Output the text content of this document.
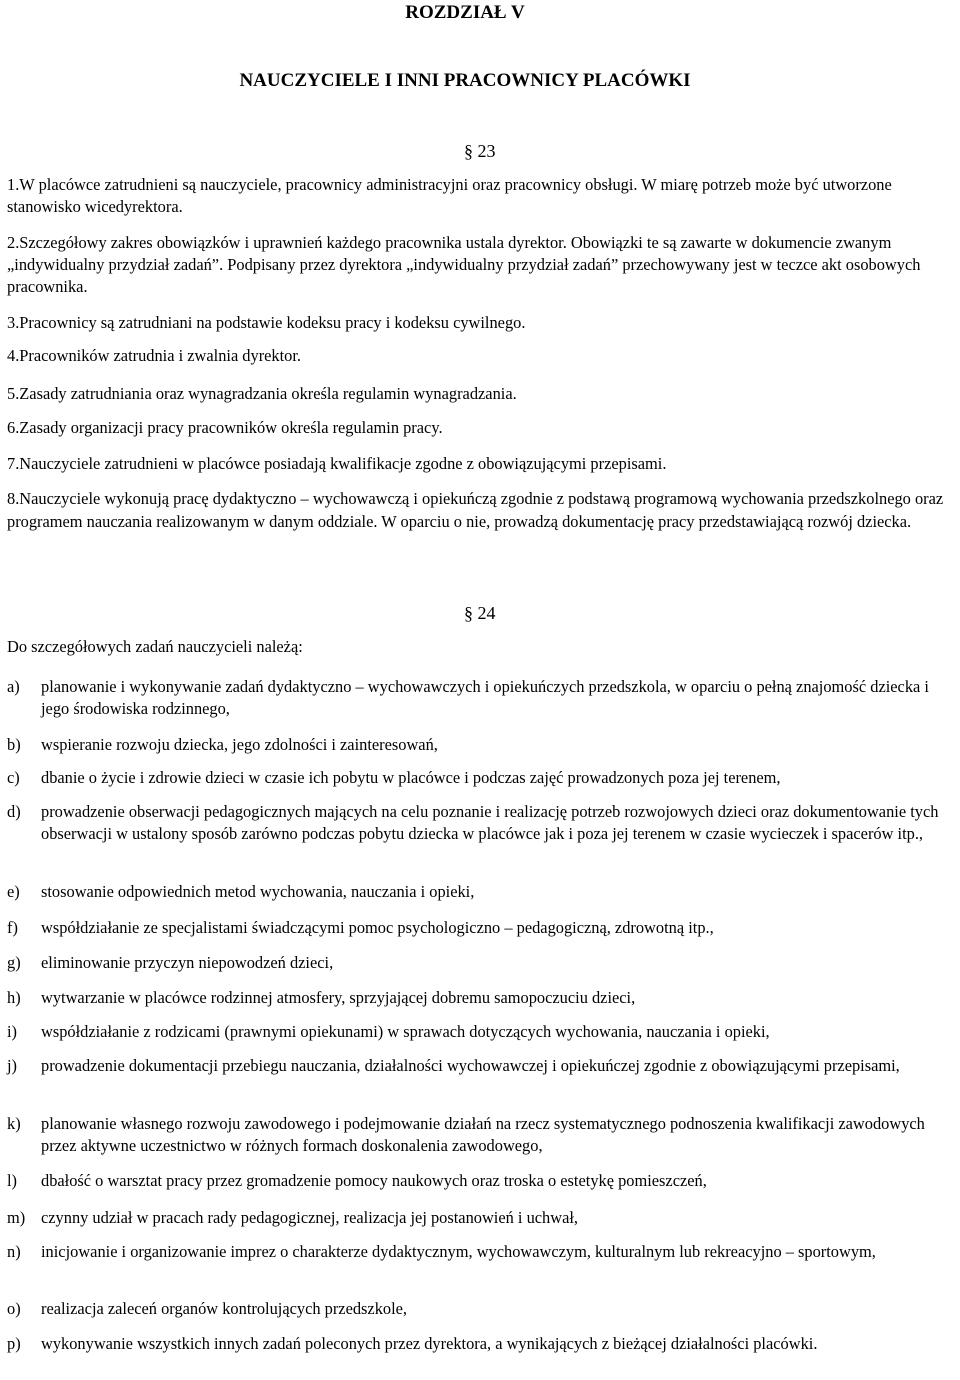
ROZDZIAŁ V
NAUCZYCIELE I INNI PRACOWNICY PLACÓWKI
§ 23

1.W placówce zatrudnieni są nauczyciele, pracownicy administracyjni oraz pracownicy obsługi. W miarę potrzeb może być utworzone stanowisko wicedyrektora.

2.Szczegółowy zakres obowiązków i uprawnień każdego pracownika ustala dyrektor. Obowiązki te są zawarte w dokumencie zwanym „indywidualny przydział zadań”. Podpisany przez dyrektora „indywidualny przydział zadań” przechowywany jest w teczce akt osobowych pracownika.

3.Pracownicy są zatrudniani na podstawie kodeksu pracy i kodeksu cywilnego.

4.Pracowników zatrudnia i zwalnia dyrektor.

5.Zasady zatrudniania oraz wynagradzania określa regulamin wynagradzania.

6.Zasady organizacji pracy pracowników określa regulamin pracy.

7.Nauczyciele zatrudnieni w placówce posiadają kwalifikacje zgodne z obowiązującymi przepisami.

8.Nauczyciele wykonują pracę dydaktyczno – wychowawczą i opiekuńczą zgodnie z podstawą programową wychowania przedszkolnego oraz programem nauczania realizowanym w danym oddziale. W oparciu o nie, prowadzą dokumentację pracy przedstawiającą rozwój dziecka.

§ 24
Do szczegółowych zadań nauczycieli należą:
a)	planowanie i wykonywanie zadań dydaktyczno – wychowawczych i opiekuńczych przedszkola, w oparciu o pełną znajomość dziecka i jego środowiska rodzinnego,
b)	wspieranie rozwoju dziecka, jego zdolności i zainteresowań,
c)	dbanie o życie i zdrowie dzieci w czasie ich pobytu w placówce i podczas zajęć prowadzonych poza jej terenem,
d)	prowadzenie obserwacji pedagogicznych mających na celu poznanie i realizację potrzeb rozwojowych dzieci oraz dokumentowanie tych obserwacji w ustalony sposób zarówno podczas pobytu dziecka w placówce jak i poza jej terenem w czasie wycieczek i spacerów itp.,
e)	stosowanie odpowiednich metod wychowania, nauczania i opieki,
f)	współdziałanie ze specjalistami świadczącymi pomoc psychologiczno – pedagogiczną, zdrowotną itp.,
g)	eliminowanie przyczyn niepowodzeń dzieci,
h)	wytwarzanie w placówce rodzinnej atmosfery, sprzyjającej dobremu samopoczuciu dzieci,
i)	współdziałanie z rodzicami (prawnymi opiekunami) w sprawach dotyczących wychowania, nauczania i opieki,
j)	prowadzenie dokumentacji przebiegu nauczania, działalności wychowawczej i opiekuńczej zgodnie z obowiązującymi przepisami,
k)	planowanie własnego rozwoju zawodowego i podejmowanie działań na rzecz systematycznego podnoszenia kwalifikacji zawodowych przez aktywne uczestnictwo w różnych formach doskonalenia zawodowego,
l)	dbałość o warsztat pracy przez gromadzenie pomocy naukowych oraz troska o estetykę pomieszczeń,
m) czynny udział w pracach rady pedagogicznej, realizacja jej postanowień i uchwał,
n)	inicjowanie i organizowanie imprez o charakterze dydaktycznym, wychowawczym, kulturalnym lub rekreacyjno – sportowym,
o)	realizacja zaleceń organów kontrolujących przedszkole,
p)	wykonywanie wszystkich innych zadań poleconych przez dyrektora, a wynikających z bieżącej działalności placówki.
